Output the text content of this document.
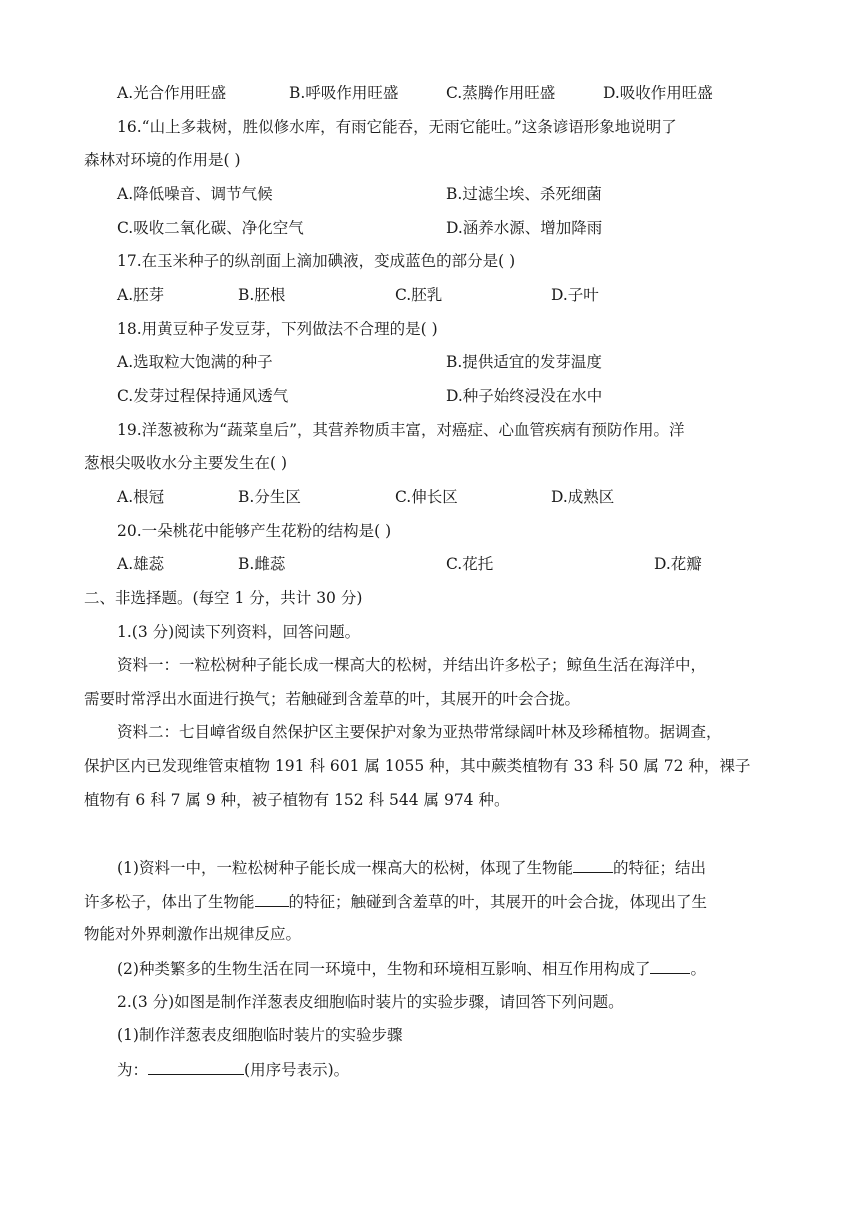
A.光合作用旺盛	B.呼吸作用旺盛	C.蒸腾作用旺盛	D.吸收作用旺盛
16.“山上多栽树，胜似修水库，有雨它能吞，无雨它能吐。”这条谚语形象地说明了
森林对环境的作用是( )
A.降低噪音、调节气候	B.过滤尘埃、杀死细菌
C.吸收二氧化碳、净化空气	D.涵养水源、增加降雨
17.在玉米种子的纵剖面上滴加碘液，变成蓝色的部分是( )
A.胚芽	B.胚根	C.胚乳	D.子叶
18.用黄豆种子发豆芽，下列做法不合理的是( )
A.选取粒大饱满的种子	B.提供适宜的发芽温度
C.发芽过程保持通风透气	D.种子始终浸没在水中
19.洋葱被称为“蔬菜皇后”，其营养物质丰富，对癌症、心血管疾病有预防作用。洋
葱根尖吸收水分主要发生在( )
A.根冠	B.分生区	C.伸长区	D.成熟区
20.一朵桃花中能够产生花粉的结构是( )
A.雄蕊	B.雌蕊	C.花托	D.花瓣
二、非选择题。(每空 1 分，共计 30 分)
1.(3 分)阅读下列资料，回答问题。
资料一：一粒松树种子能长成一棵高大的松树，并结出许多松子；鲸鱼生活在海洋中，
需要时常浮出水面进行换气；若触碰到含羞草的叶，其展开的叶会合拢。
资料二：七目嶂省级自然保护区主要保护对象为亚热带常绿阔叶林及珍稀植物。据调查，
保护区内已发现维管束植物 191 科 601 属 1055 种，其中蕨类植物有 33 科 50 属 72 种，裸子
植物有 6 科 7 属 9 种，被子植物有 152 科 544 属 974 种。
(1)资料一中，一粒松树种子能长成一棵高大的松树，体现了生物能	的特征；结出
许多松子，体出了生物能 的特征；触碰到含羞草的叶，其展开的叶会合拢，体现出了生
物能对外界刺激作出规律反应。
(2)种类繁多的生物生活在同一环境中，生物和环境相互影响、相互作用构成了	。
2.(3 分)如图是制作洋葱表皮细胞临时装片的实验步骤，请回答下列问题。
(1)制作洋葱表皮细胞临时装片的实验步骤
为：	(用序号表示)。
